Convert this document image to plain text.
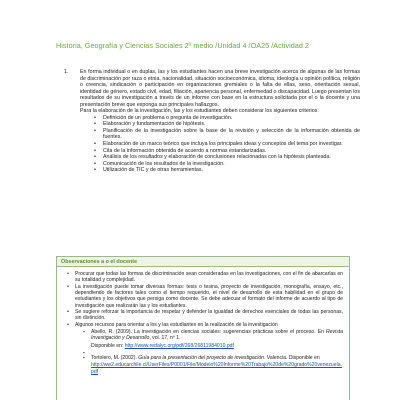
Historia, Geografía y Ciencias Sociales 2º medio /Unidad 4 /OA25 /Actividad 2
1. En forma individual o en duplas, las y los estudiantes hacen una breve investigación acerca de algunas de las formas de discriminación por raza o etnia, nacionalidad, situación socioeconómica, idioma, ideología u opinión política, religión o creencia, sindicación o participación en organizaciones gremiales o la falta de ellas, sexo, orientación sexual, identidad de género, estado civil, edad, filiación, apariencia personal, enfermedad o discapacidad. Luego presentan los resultados de su investigación a través de un informe con base en la estructura solicitada por el o la docente y una presentación breve que exponga sus principales hallazgos.
Para la elaboración de la investigación, las y los estudiantes deben considerar los siguientes criterios:
• Definición de un problema o pregunta de investigación.
• Elaboración y fundamentación de hipótesis.
• Planificación de la investigación sobre la base de la revisión y selección de la información obtenida de fuentes.
• Elaboración de un marco teórico que incluya los principales ideas y conceptos del tema por investigar.
• Cita de la información obtenida de acuerdo a normas estandarizadas.
• Análisis de los resultados y elaboración de conclusiones relacionadas con la hipótesis planteada.
• Comunicación de los resultados de la investigación.
• Utilización de TIC y de otras herramientas.
Observaciones a o el docente
• Procurar que todas las formas de discriminación sean consideradas en las investigaciones, con el fin de abarcarlas en su totalidad y complejidad.
• La investigación puede tomar diversas formas: tesis o tesina, proyecto de investigación, monografía, ensayo, etc., dependiendo de factores tales como el tiempo requerido, el nivel de desarrollo de esta habilidad en el grupo de estudiantes y los objetivos que persiga como docente. Se debe adecuar el formato del informe de acuerdo al tipo de investigación que realizarán las y los estudiantes.
• Se sugiere reforzar la importancia de respetar y defender la igualdad de derechos esenciales de todas las personas, sin distinción.
• Algunos recursos para orientar a los y las estudiantes en la realización de la investigación
▪ Abello, R. (2009). La investigación en ciencias sociales: sugerencias prácticas sobre el proceso. En Revista Investigación y Desarrollo, vol. 17, nº 1.
Disponible en: http://www.redalyc.org/pdf/268/26811984010.pdf
▪
▪ Tortolero, M. (2002). Guía para la presentación del proyecto de investigación. Valencia. Disponible en
http://ww2.educarchile.cl/UserFiles/P0001/File/Modelo%20Informe%20Trabajo%20de%20grado%20venezuela.pdf
